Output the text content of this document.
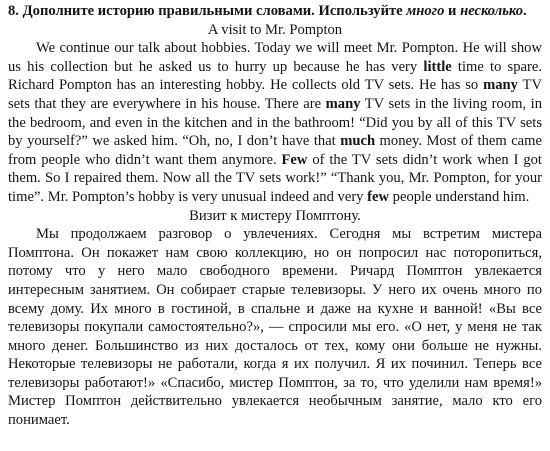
8. Дополните историю правильными словами. Используйте много и несколько.

A visit to Mr. Pompton

We continue our talk about hobbies. Today we will meet Mr. Pompton. He will show us his collection but he asked us to hurry up because he has very little time to spare. Richard Pompton has an interesting hobby. He collects old TV sets. He has so many TV sets that they are everywhere in his house. There are many TV sets in the living room, in the bedroom, and even in the kitchen and in the bathroom! “Did you by all of this TV sets by yourself?” we asked him. “Oh, no, I don’t have that much money. Most of them came from people who didn’t want them anymore. Few of the TV sets didn’t work when I got them. So I repaired them. Now all the TV sets work!” “Thank you, Mr. Pompton, for your time”. Mr. Pompton’s hobby is very unusual indeed and very few people understand him.

Визит к мистеру Помптону.

Мы продолжаем разговор о увлечениях. Сегодня мы встретим мистера Помптона. Он покажет нам свою коллекцию, но он попросил нас поторопиться, потому что у него мало свободного времени. Ричард Помптон увлекается интересным занятием. Он собирает старые телевизоры. У него их очень много по всему дому. Их много в гостиной, в спальне и даже на кухне и ванной! «Вы все телевизоры покупали самостоятельно?», — спросили мы его. «О нет, у меня не так много денег. Большинство из них досталось от тех, кому они больше не нужны. Некоторые телевизоры не работали, когда я их получил. Я их починил. Теперь все телевизоры работают!» «Спасибо, мистер Помптон, за то, что уделили нам время!» Мистер Помптон действительно увлекается необычным занятие, мало кто его понимает.
